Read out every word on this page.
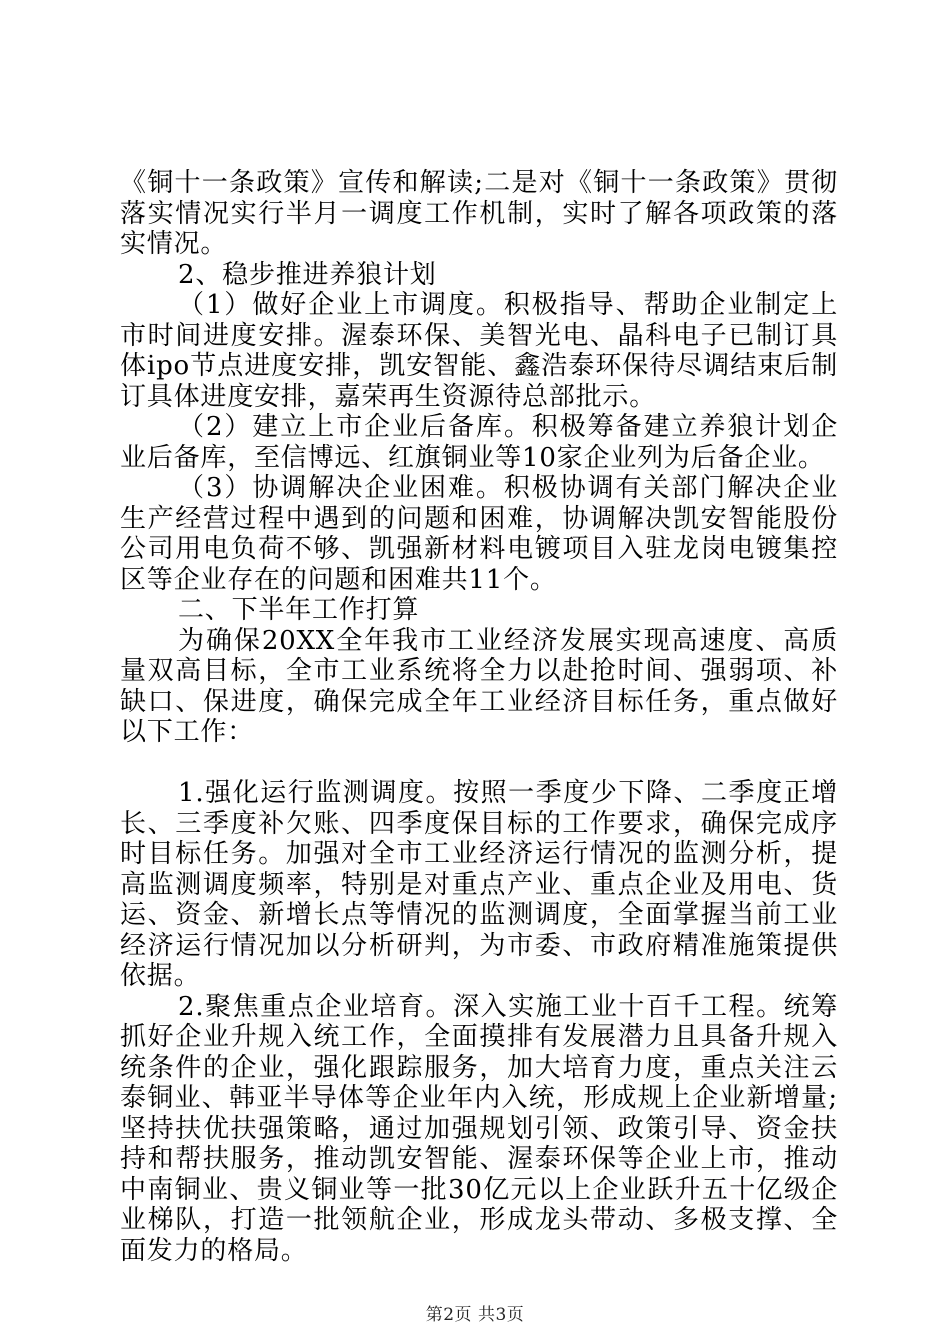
《铜十一条政策》宣传和解读;二是对《铜十一条政策》贯彻落实情况实行半月一调度工作机制，实时了解各项政策的落实情况。

2、稳步推进养狼计划

（1）做好企业上市调度。积极指导、帮助企业制定上市时间进度安排。渥泰环保、美智光电、晶科电子已制订具体ipo节点进度安排，凯安智能、鑫浩泰环保待尽调结束后制订具体进度安排，嘉荣再生资源待总部批示。

（2）建立上市企业后备库。积极筹备建立养狼计划企业后备库，至信博远、红旗铜业等10家企业列为后备企业。

（3）协调解决企业困难。积极协调有关部门解决企业生产经营过程中遇到的问题和困难，协调解决凯安智能股份公司用电负荷不够、凯强新材料电镀项目入驻龙岗电镀集控区等企业存在的问题和困难共11个。

二、下半年工作打算

为确保20XX全年我市工业经济发展实现高速度、高质量双高目标，全市工业系统将全力以赴抢时间、强弱项、补缺口、保进度，确保完成全年工业经济目标任务，重点做好以下工作：

1.强化运行监测调度。按照一季度少下降、二季度正增长、三季度补欠账、四季度保目标的工作要求，确保完成序时目标任务。加强对全市工业经济运行情况的监测分析，提高监测调度频率，特别是对重点产业、重点企业及用电、货运、资金、新增长点等情况的监测调度，全面掌握当前工业经济运行情况加以分析研判，为市委、市政府精准施策提供依据。

2.聚焦重点企业培育。深入实施工业十百千工程。统筹抓好企业升规入统工作，全面摸排有发展潜力且具备升规入统条件的企业，强化跟踪服务，加大培育力度，重点关注云泰铜业、韩亚半导体等企业年内入统，形成规上企业新增量;坚持扶优扶强策略，通过加强规划引领、政策引导、资金扶持和帮扶服务，推动凯安智能、渥泰环保等企业上市，推动中南铜业、贵义铜业等一批30亿元以上企业跃升五十亿级企业梯队，打造一批领航企业，形成龙头带动、多极支撑、全面发力的格局。

第2页 共3页
